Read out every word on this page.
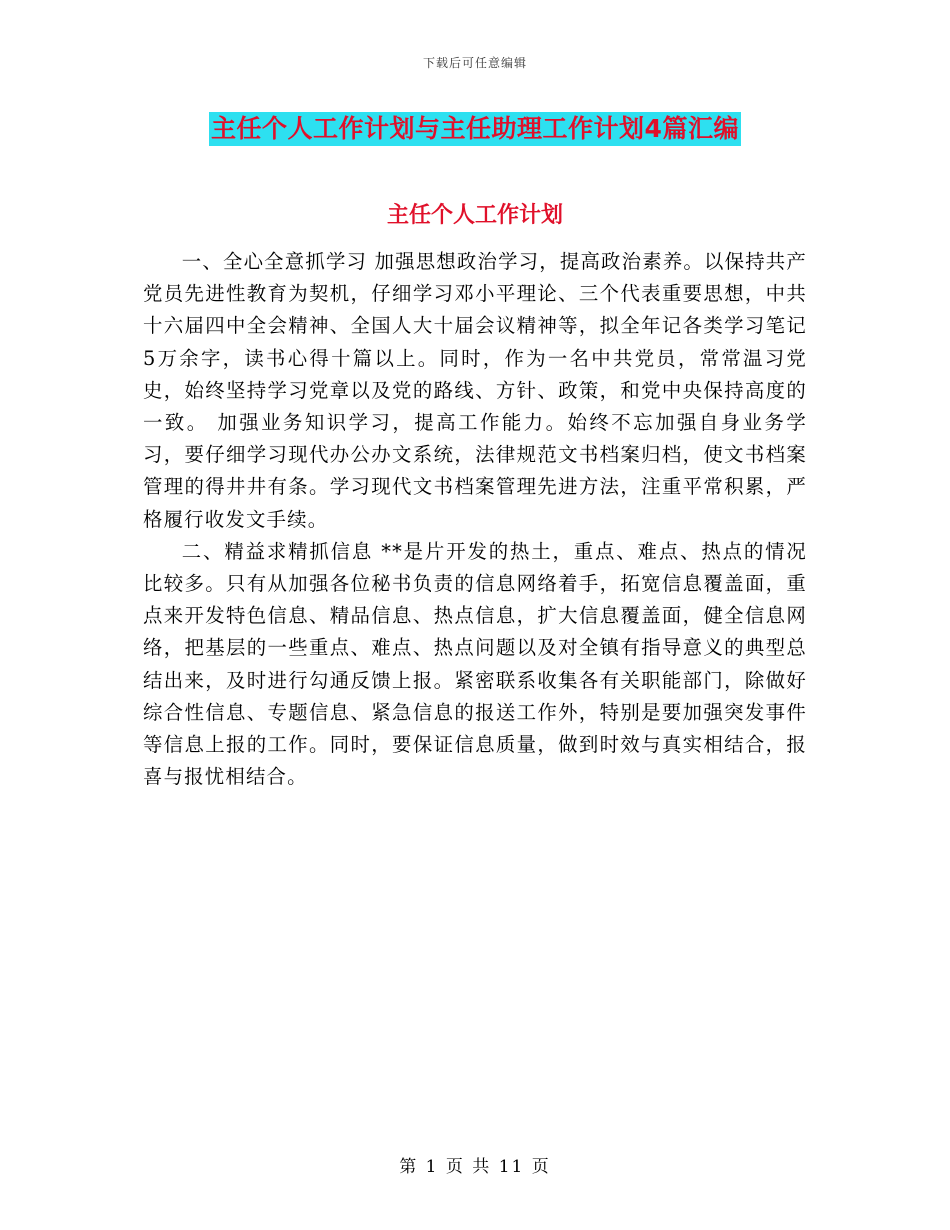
下载后可任意编辑
主任个人工作计划与主任助理工作计划4篇汇编
主任个人工作计划

一、全心全意抓学习 加强思想政治学习，提高政治素养。以保持共产党员先进性教育为契机，仔细学习邓小平理论、三个代表重要思想，中共十六届四中全会精神、全国人大十届会议精神等，拟全年记各类学习笔记5万余字，读书心得十篇以上。同时，作为一名中共党员，常常温习党史，始终坚持学习党章以及党的路线、方针、政策，和党中央保持高度的一致。 加强业务知识学习，提高工作能力。始终不忘加强自身业务学习，要仔细学习现代办公办文系统，法律规范文书档案归档，使文书档案管理的得井井有条。学习现代文书档案管理先进方法，注重平常积累，严格履行收发文手续。

二、精益求精抓信息 **是片开发的热土，重点、难点、热点的情况比较多。只有从加强各位秘书负责的信息网络着手，拓宽信息覆盖面，重点来开发特色信息、精品信息、热点信息，扩大信息覆盖面，健全信息网络，把基层的一些重点、难点、热点问题以及对全镇有指导意义的典型总结出来，及时进行勾通反馈上报。紧密联系收集各有关职能部门，除做好综合性信息、专题信息、紧急信息的报送工作外，特别是要加强突发事件等信息上报的工作。同时，要保证信息质量，做到时效与真实相结合，报喜与报忧相结合。

第 1 页 共 11 页
